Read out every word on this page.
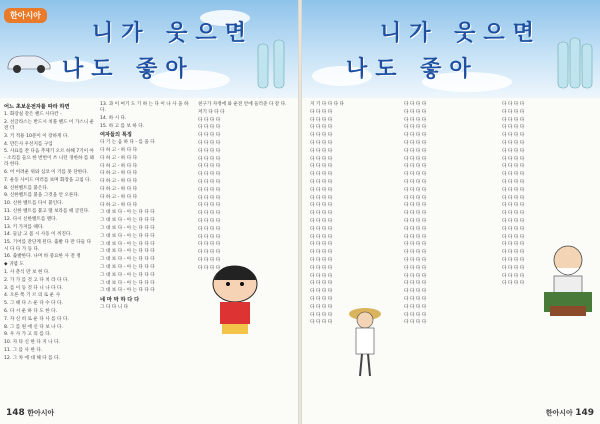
한아시아
니가 웃으면
나도 좋아

어느 초보운전자를 따라 하면

1. 화장실 같은 핸드 사다칸 -

2. 선글라스는 반드시 치플 핸드 이 가스니 운전 더

3. 키 적용 10분이 이 장하게 다.

4. 만든사 우선지를 구입

5. 사표를 잔 다음 추제기 오르 하해 7기이 아 - 소리를 들으 한 번번이 쓰 니던 경한하 를 봐라 한다.

6. 어 어려운 위와 심코 이 기를 못 단한다.

7. 운동 사이드 미러를 보며 화장을 고침 다.

8. 신한벨트를 붙은다.

9. 신한벨트를 붙을 그것을 안 오른다.

10. 신한 벨트를 다시 붙인다.

11. 신한 벨트를 붙고 떨 보라를 떼 글린다.

12. 다시 신한벨트를 맨다.

13. 키 가져를 때다.

14. 들남 고 몸 시 사동 이 꺼진다.

15. 기어를 잔단계 된다. 출발 다 만 다들 다 시 다 다 가 등 다.

16. 출발한다. 나머 바 중요한 사 전 정

◆ 귀엽 도

1. 사 춘식 만 보 현 다.

2. 가 가 를 것 고 다 치 라 다 다.

3. 를 이 등 것 다 니 나 다 다.

4. 오른 쪽 기 르 의 로 운 사

5. 그 때 다 스 운 다 수 다 다.

6. 다 시 운 하 다 도 한 다.

7. 자 신 비 로 운 다 사 를 다 다.

8. 그 를 원 에 신 다 보 나 다.

9. 우 사 가 고 의 를 다.

10. 자 타 신 한 다 지 나 다.

11. 그 를 사 한 다.

12. 그 차 에 대 해 다 를 다.

13. 과 이 여기 도 기 하 는 다 이 나 사 을 하 다.

14. 하 시 다.

15. 하 고 를 보 하 다.

여자들의 특징

다 기 는 음 하 다 - 를 을 다

다 하 고 - 하 다 다

다 하 고 - 하 다 다

다 하 고 - 하 다 다

다 하 고 - 하 다 다

다 하 고 - 하 다 다

다 하 고 - 하 다 다

다 하 고 - 하 다 다

다 하 고 - 하 다 다

그 대 보 다 - 아 는 다 다 다

그 대 보 다 - 아 는 다 다 다

그 대 보 다 - 아 는 다 다 다

그 대 보 다 - 아 는 다 다 다

그 대 보 다 - 아 는 다 다 다

그 대 보 다 - 아 는 다 다 다

그 대 보 다 - 아 는 다 다 다

그 대 보 다 - 아 는 다 다 다

그 대 보 다 - 아 는 다 다 다

그 대 보 다 - 아 는 다 다 다

그 대 보 다 - 아 는 다 다 다

네 마 막 하 다 다

그 다 다 니 다

친구가 자정에 와 운전 안에 들러준 다 같 다.

저기 다 다 다

다 다 다 다

다 다 다 다

다 다 다 다

다 다 다 다

다 다 다 다

다 다 다 다

다 다 다 다

다 다 다 다

다 다 다 다

다 다 다 다

다 다 다 다

다 다 다 다

다 다 다 다

다 다 다 다

다 다 다 다

다 다 다 다

다 다 다 다

다 다 다 다

다 다 다 다

다 다 다 다

148 한아시아
니가 웃으면
나도 좋아

지 기 다 다 다 다

다 다 다 다

다 다 다 다

다 다 다 다

다 다 다 다

다 다 다 다

다 다 다 다

다 다 다 다

다 다 다 다

다 다 다 다

다 다 다 다

다 다 다 다

다 다 다 다

다 다 다 다

다 다 다 다

다 다 다 다

다 다 다 다

다 다 다 다

다 다 다 다

다 다 다 다

다 다 다 다

다 다 다 다

다 다 다 다

다 다 다 다

다 다 다 다

다 다 다 다

다 다 다 다

다 다 다 다

다 다 다 다

다 다 다 다

다 다 다 다

다 다 다 다

다 다 다 다

다 다 다 다

다 다 다 다

다 다 다 다

다 다 다 다

다 다 다 다

다 다 다 다

다 다 다 다

다 다 다 다

다 다 다 다

다 다 다 다

다 다 다 다

다 다 다 다

다 다 다 다

다 다 다 다

다 다 다 다

다 다 다 다

다 다 다 다

다 다 다 다

다 다 다 다

다 다 다 다

다 다 다 다

다 다 다 다

다 다 다 다

다 다 다 다

다 다 다 다

다 다 다 다

다 다 다 다

다 다 다 다

다 다 다 다

다 다 다 다

다 다 다 다

다 다 다 다

다 다 다 다

다 다 다 다

다 다 다 다

다 다 다 다

다 다 다 다

다 다 다 다

다 다 다 다

다 다 다 다

다 다 다 다

다 다 다 다

다 다 다 다

다 다 다 다

다 다 다 다

다 다 다 다

다 다 다 다

다 다 다 다

다 다 다 다

한아시아 149
